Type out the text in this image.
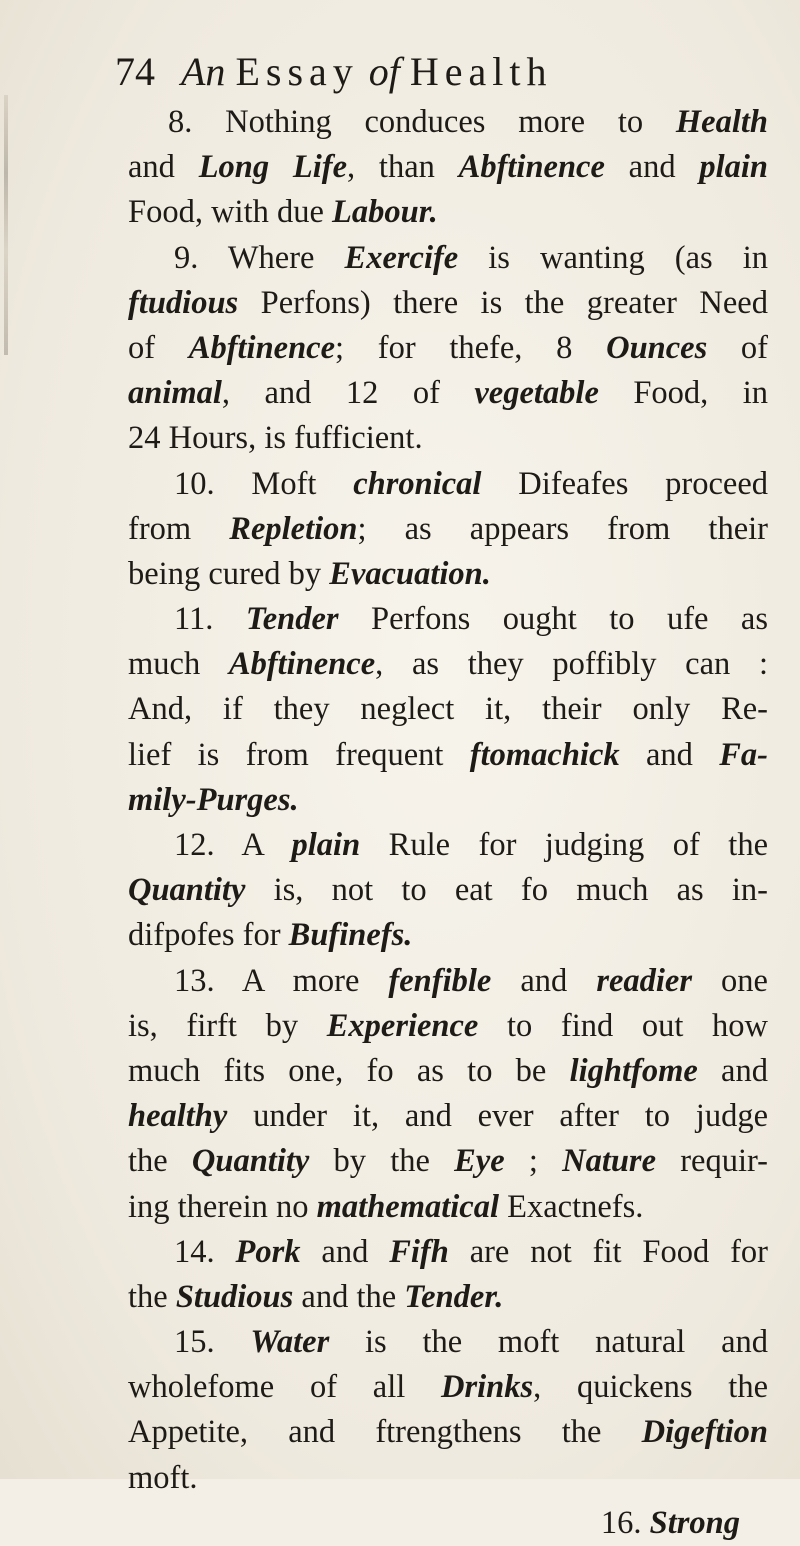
74 An Essay of Health
8. Nothing conduces more to Health
and Long Life, than Abftinence and plain
Food, with due Labour.
9. Where Exercife is wanting (as in
ftudious Perfons) there is the greater Need
of Abftinence; for thefe, 8 Ounces of
animal, and 12 of vegetable Food, in
24 Hours, is fufficient.
10. Moft chronical Difeafes proceed
from Repletion; as appears from their
being cured by Evacuation.
11. Tender Perfons ought to ufe as
much Abftinence, as they poffibly can :
And, if they neglect it, their only Re-
lief is from frequent ftomachick and Fa-
mily-Purges.
12. A plain Rule for judging of the
Quantity is, not to eat fo much as in-
difpofes for Bufinefs.
13. A more fenfible and readier one
is, firft by Experience to find out how
much fits one, fo as to be lightfome and
healthy under it, and ever after to judge
the Quantity by the Eye ; Nature requir-
ing therein no mathematical Exactnefs.
14. Pork and Fifh are not fit Food for
the Studious and the Tender.
15. Water is the moft natural and
wholefome of all Drinks, quickens the
Appetite, and ftrengthens the Digeftion
moft.
16. Strong
